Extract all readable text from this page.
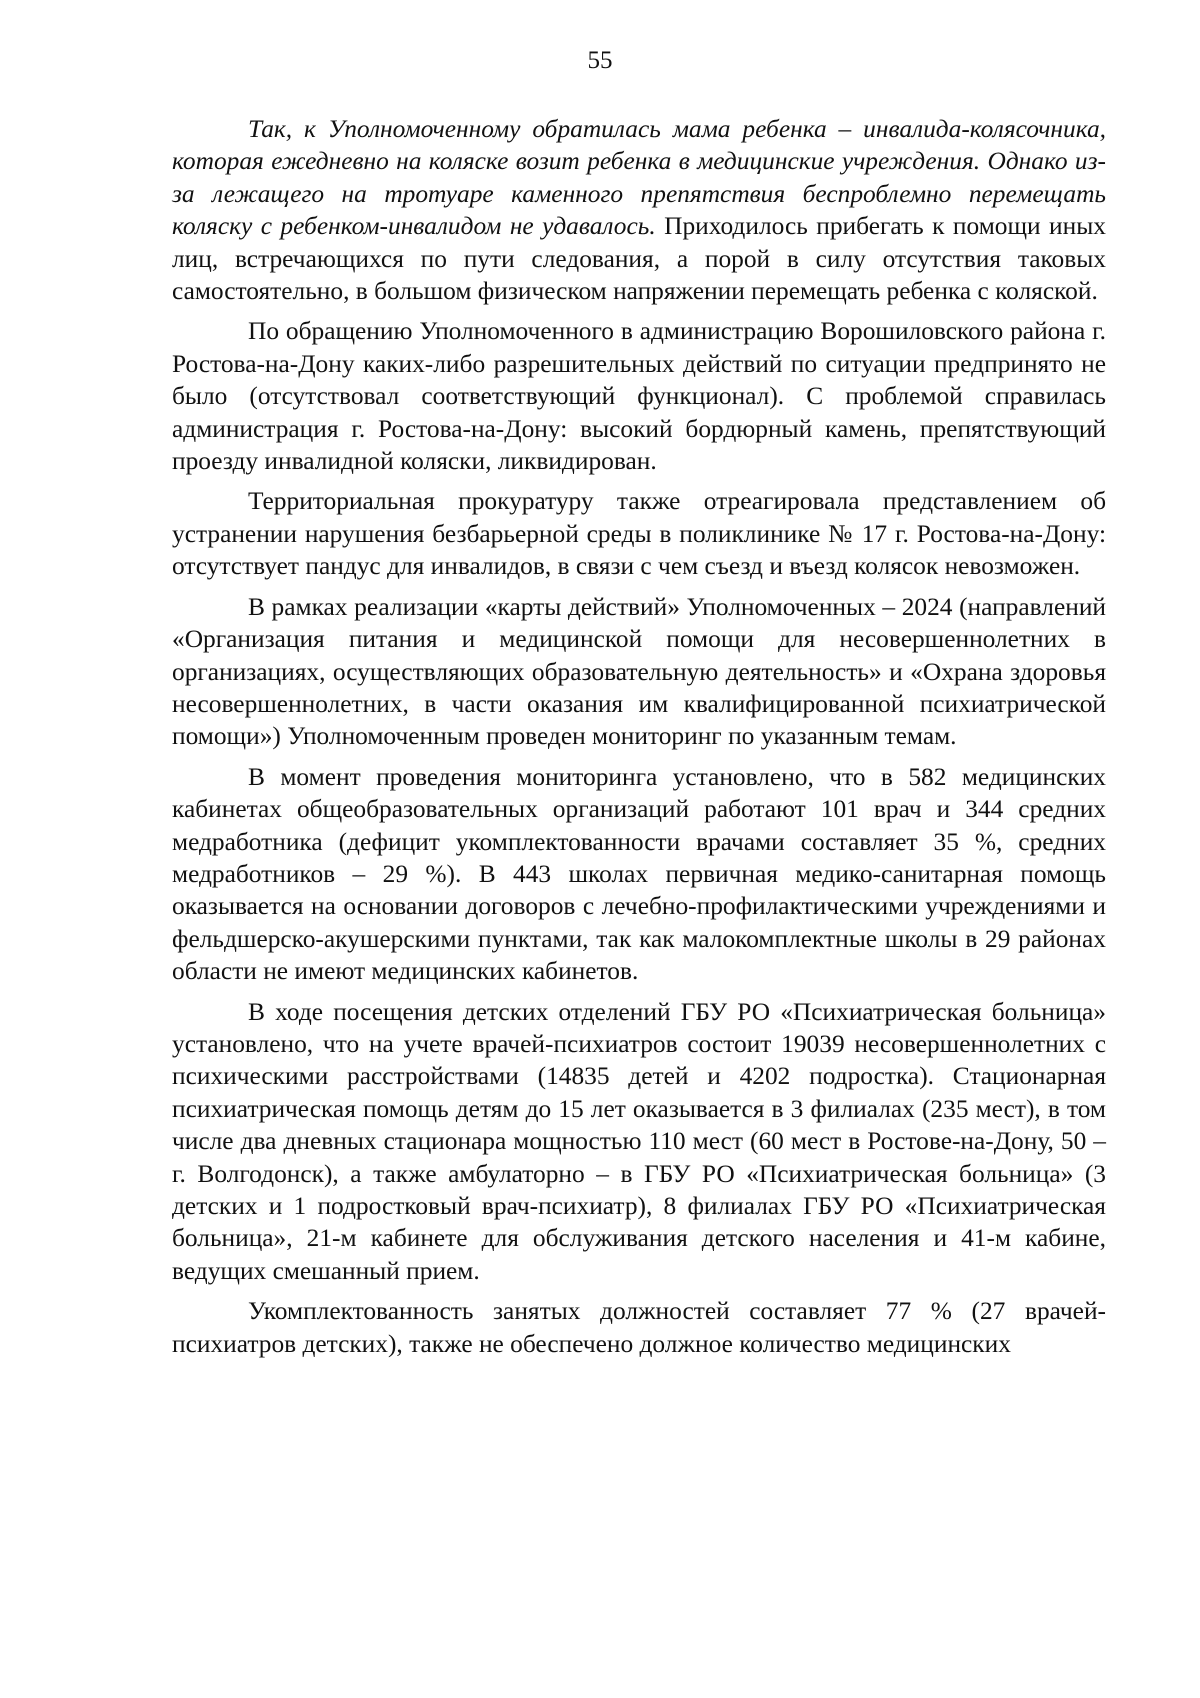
55

Так, к Уполномоченному обратилась мама ребенка – инвалида-колясочника, которая ежедневно на коляске возит ребенка в медицинские учреждения. Однако из-за лежащего на тротуаре каменного препятствия беспроблемно перемещать коляску с ребенком-инвалидом не удавалось. Приходилось прибегать к помощи иных лиц, встречающихся по пути следования, а порой в силу отсутствия таковых самостоятельно, в большом физическом напряжении перемещать ребенка с коляской.

По обращению Уполномоченного в администрацию Ворошиловского района г. Ростова-на-Дону каких-либо разрешительных действий по ситуации предпринято не было (отсутствовал соответствующий функционал). С проблемой справилась администрация г. Ростова-на-Дону: высокий бордюрный камень, препятствующий проезду инвалидной коляски, ликвидирован.

Территориальная прокуратуру также отреагировала представлением об устранении нарушения безбарьерной среды в поликлинике № 17 г. Ростова-на-Дону: отсутствует пандус для инвалидов, в связи с чем съезд и въезд колясок невозможен.

В рамках реализации «карты действий» Уполномоченных – 2024 (направлений «Организация питания и медицинской помощи для несовершеннолетних в организациях, осуществляющих образовательную деятельность» и «Охрана здоровья несовершеннолетних, в части оказания им квалифицированной психиатрической помощи») Уполномоченным проведен мониторинг по указанным темам.

В момент проведения мониторинга установлено, что в 582 медицинских кабинетах общеобразовательных организаций работают 101 врач и 344 средних медработника (дефицит укомплектованности врачами составляет 35 %, средних медработников – 29 %). В 443 школах первичная медико-санитарная помощь оказывается на основании договоров с лечебно-профилактическими учреждениями и фельдшерско-акушерскими пунктами, так как малокомплектные школы в 29 районах области не имеют медицинских кабинетов.

В ходе посещения детских отделений ГБУ РО «Психиатрическая больница» установлено, что на учете врачей-психиатров состоит 19039 несовершеннолетних с психическими расстройствами (14835 детей и 4202 подростка). Стационарная психиатрическая помощь детям до 15 лет оказывается в 3 филиалах (235 мест), в том числе два дневных стационара мощностью 110 мест (60 мест в Ростове-на-Дону, 50 – г. Волгодонск), а также амбулаторно – в ГБУ РО «Психиатрическая больница» (3 детских и 1 подростковый врач-психиатр), 8 филиалах ГБУ РО «Психиатрическая больница», 21-м кабинете для обслуживания детского населения и 41-м кабине, ведущих смешанный прием.

Укомплектованность занятых должностей составляет 77 % (27 врачей-психиатров детских), также не обеспечено должное количество медицинских
